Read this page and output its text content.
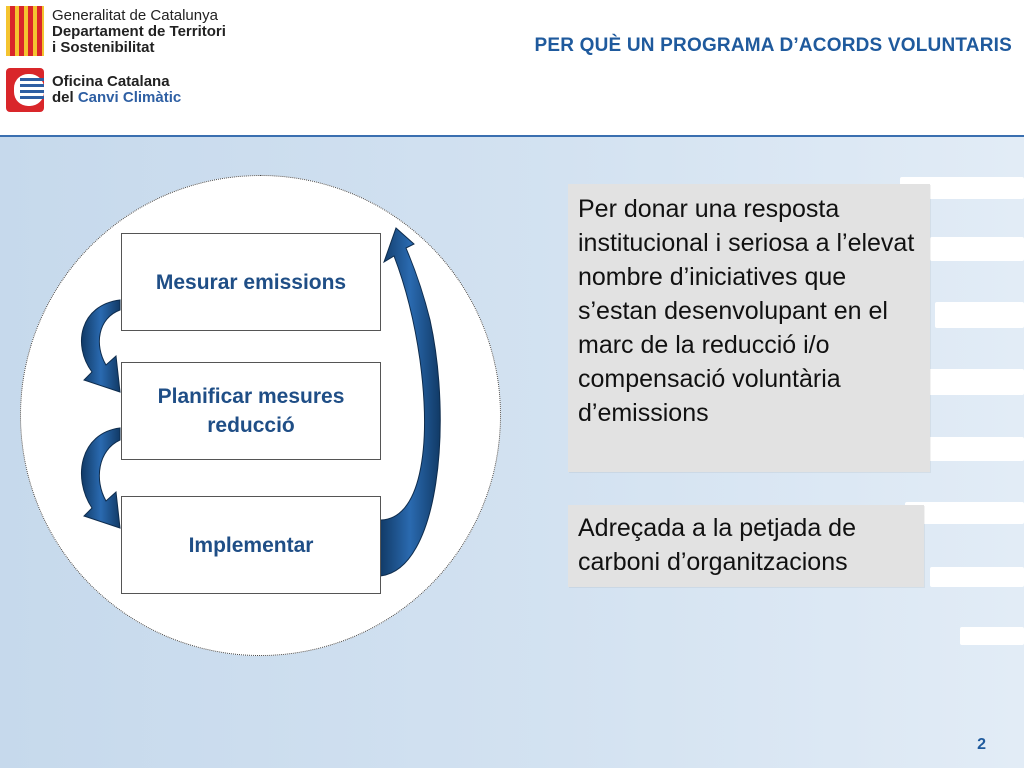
Generalitat de Catalunya
Departament de Territori
i Sostenibilitat
Oficina Catalana
del Canvi Climàtic
PER QUÈ UN PROGRAMA D’ACORDS VOLUNTARIS
Mesurar emissions
Planificar mesures reducció
Implementar
Per donar una resposta institucional i seriosa a l’elevat nombre d’iniciatives que s’estan desenvolupant en el marc de la reducció i/o compensació voluntària d’emissions
Adreçada a la petjada de carboni d’organitzacions
2
